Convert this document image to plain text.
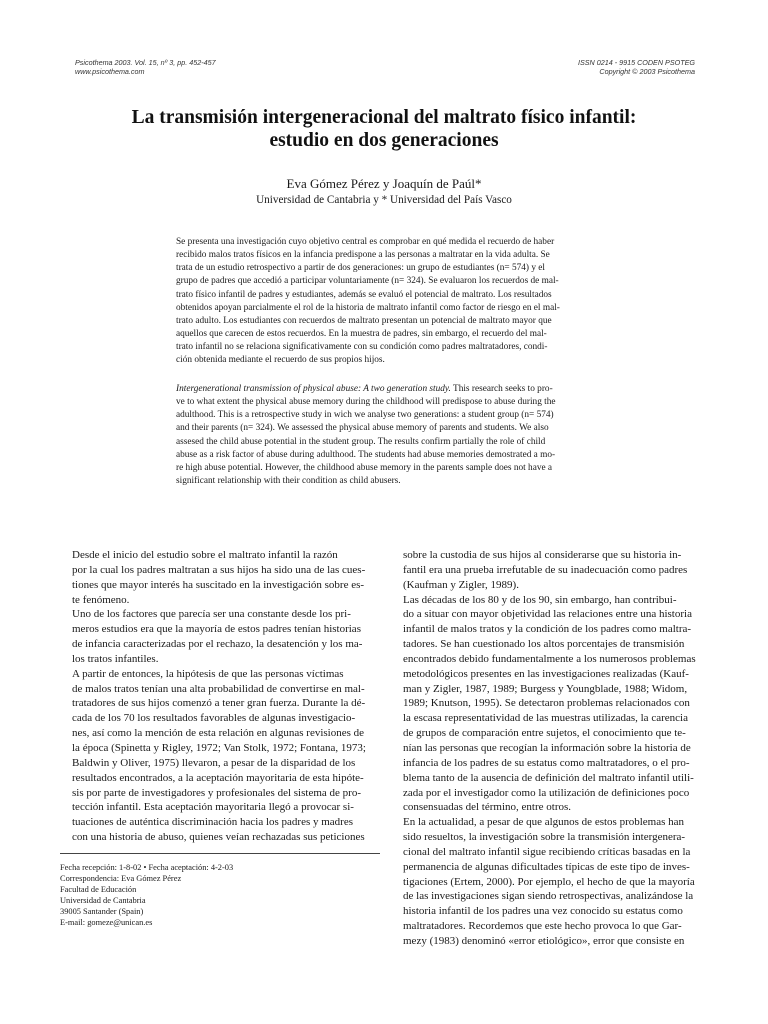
Psicothema 2003. Vol. 15, nº 3, pp. 452-457
www.psicothema.com
ISSN 0214 - 9915 CODEN PSOTEG
Copyright © 2003 Psicothema
La transmisión intergeneracional del maltrato físico infantil:
estudio en dos generaciones
Eva Gómez Pérez y Joaquín de Paúl*
Universidad de Cantabria y * Universidad del País Vasco
Se presenta una investigación cuyo objetivo central es comprobar en qué medida el recuerdo de haber
recibido malos tratos físicos en la infancia predispone a las personas a maltratar en la vida adulta. Se
trata de un estudio retrospectivo a partir de dos generaciones: un grupo de estudiantes (n= 574) y el
grupo de padres que accedió a participar voluntariamente (n= 324). Se evaluaron los recuerdos de mal-
trato físico infantil de padres y estudiantes, además se evaluó el potencial de maltrato. Los resultados
obtenidos apoyan parcialmente el rol de la historia de maltrato infantil como factor de riesgo en el mal-
trato adulto. Los estudiantes con recuerdos de maltrato presentan un potencial de maltrato mayor que
aquellos que carecen de estos recuerdos. En la muestra de padres, sin embargo, el recuerdo del mal-
trato infantil no se relaciona significativamente con su condición como padres maltratadores, condi-
ción obtenida mediante el recuerdo de sus propios hijos.
Intergenerational transmission of physical abuse: A two generation study. This research seeks to pro-
ve to what extent the physical abuse memory during the childhood will predispose to abuse during the
adulthood. This is a retrospective study in wich we analyse two generations: a student group (n= 574)
and their parents (n= 324). We assessed the physical abuse memory of parents and students. We also
assesed the child abuse potential in the student group. The results confirm partially the role of child
abuse as a risk factor of abuse during adulthood. The students had abuse memories demostrated a mo-
re high abuse potential. However, the childhood abuse memory in the parents sample does not have a
significant relationship with their condition as child abusers.
Desde el inicio del estudio sobre el maltrato infantil la razón
por la cual los padres maltratan a sus hijos ha sido una de las cues-
tiones que mayor interés ha suscitado en la investigación sobre es-
te fenómeno.
Uno de los factores que parecía ser una constante desde los pri-
meros estudios era que la mayoría de estos padres tenían historias
de infancia caracterizadas por el rechazo, la desatención y los ma-
los tratos infantiles.
A partir de entonces, la hipótesis de que las personas víctimas
de malos tratos tenían una alta probabilidad de convertirse en mal-
tratadores de sus hijos comenzó a tener gran fuerza. Durante la dé-
cada de los 70 los resultados favorables de algunas investigacio-
nes, así como la mención de esta relación en algunas revisiones de
la época (Spinetta y Rigley, 1972; Van Stolk, 1972; Fontana, 1973;
Baldwin y Oliver, 1975) llevaron, a pesar de la disparidad de los
resultados encontrados, a la aceptación mayoritaria de esta hipóte-
sis por parte de investigadores y profesionales del sistema de pro-
tección infantil. Esta aceptación mayoritaria llegó a provocar si-
tuaciones de auténtica discriminación hacia los padres y madres
con una historia de abuso, quienes veían rechazadas sus peticiones
sobre la custodia de sus hijos al considerarse que su historia in-
fantil era una prueba irrefutable de su inadecuación como padres
(Kaufman y Zigler, 1989).
Las décadas de los 80 y de los 90, sin embargo, han contribui-
do a situar con mayor objetividad las relaciones entre una historia
infantil de malos tratos y la condición de los padres como maltra-
tadores. Se han cuestionado los altos porcentajes de transmisión
encontrados debido fundamentalmente a los numerosos problemas
metodológicos presentes en las investigaciones realizadas (Kauf-
man y Zigler, 1987, 1989; Burgess y Youngblade, 1988; Widom,
1989; Knutson, 1995). Se detectaron problemas relacionados con
la escasa representatividad de las muestras utilizadas, la carencia
de grupos de comparación entre sujetos, el conocimiento que te-
nían las personas que recogían la información sobre la historia de
infancia de los padres de su estatus como maltratadores, o el pro-
blema tanto de la ausencia de definición del maltrato infantil utili-
zada por el investigador como la utilización de definiciones poco
consensuadas del término, entre otros.
En la actualidad, a pesar de que algunos de estos problemas han
sido resueltos, la investigación sobre la transmisión intergenera-
cional del maltrato infantil sigue recibiendo críticas basadas en la
permanencia de algunas dificultades típicas de este tipo de inves-
tigaciones (Ertem, 2000). Por ejemplo, el hecho de que la mayoría
de las investigaciones sigan siendo retrospectivas, analizándose la
historia infantil de los padres una vez conocido su estatus como
maltratadores. Recordemos que este hecho provoca lo que Gar-
mezy (1983) denominó «error etiológico», error que consiste en
Fecha recepción: 1-8-02 • Fecha aceptación: 4-2-03
Correspondencia: Eva Gómez Pérez
Facultad de Educación
Universidad de Cantabria
39005 Santander (Spain)
E-mail: gomeze@unican.es
